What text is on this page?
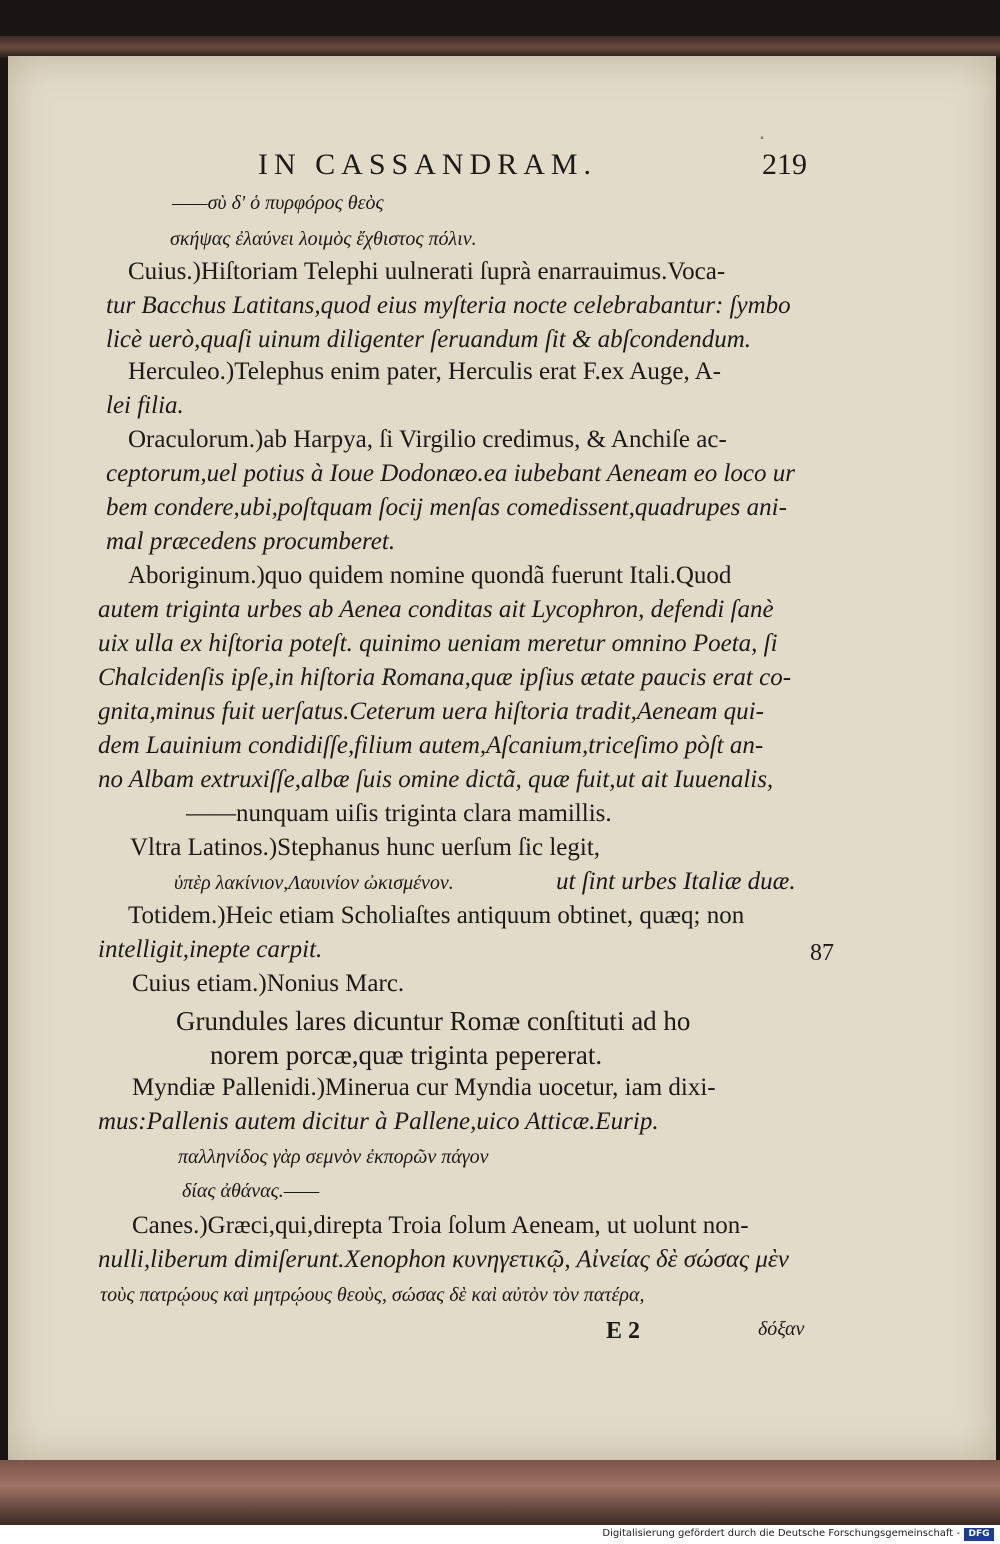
˚
IN CASSANDRAM.	219
——σὺ δ' ὁ πυρφόρος θεὸς
σκήψας ἐλαύνει λοιμὸς ἔχθιστος πόλιν.
Cuius.)Hiſtoriam Telephi uulnerati ſuprà enarrauimus.Voca-
tur Bacchus Latitans,quod eius myſteria nocte celebrabantur: ſymbo
licè uerò,quaſi uinum diligenter ſeruandum ſit & abſcondendum.
Herculeo.)Telephus enim pater, Herculis erat F.ex Auge, A-
lei filia.
Oraculorum.)ab Harpyа, ſi Virgilio credimus, & Anchiſe ac-
ceptorum,uel potius à Ioue Dodonæo.ea iubebant Aeneam eo loco ur
bem condere,ubi,poſtquam ſocij menſas comedissent,quadrupes ani-
mal præcedens procumberet.
Aboriginum.)quo quidem nomine quondã fuerunt Itali.Quod
autem triginta urbes ab Aenea conditas ait Lycophron, defendi ſanè
uix ulla ex hiſtoria poteſt. quinimo ueniam meretur omnino Poeta, ſi
Chalcidenſis ipſe,in hiſtoria Romana,quæ ipſius ætate paucis erat co-
gnita,minus fuit uerſatus.Ceterum uera hiſtoria tradit,Aeneam qui-
dem Lauinium condidiſſe,filium autem,Aſcanium,triceſimo pòſt an-
no Albam extruxiſſe,albæ ſuis omine dictã, quæ fuit,ut ait Iuuenalis,
——nunquam uiſis triginta clara mamillis.
Vltra Latinos.)Stephanus hunc uerſum ſic legit,
ὑπὲρ λακίνιον,Λαυινίον ὠκισμένον.	ut ſint urbes Italiæ duæ.
Totidem.)Heic etiam Scholiaſtes antiquum obtinet, quæq; non
intelligit,inepte carpit.
Cuius etiam.)Nonius Marc.
Grundules lares dicuntur Romæ conſtituti ad ho
norem porcæ,quæ triginta pepererat.
Myndiæ Pallenidi.)Minerua cur Myndia uocetur, iam dixi-
mus:Pallenis autem dicitur à Pallene,uico Atticæ.Eurip.
παλληνίδος γὰρ σεμνὸν ἐκπορῶν πάγον
δίας ἀθάνας.——
Canes.)Græci,qui,direpta Troia ſolum Aeneam, ut uolunt non-
nulli,liberum dimiſerunt.Xenophon κυνηγετικῷ, Αἰνείας δὲ σώσας μὲν
τοὺς πατρῴους καὶ μητρῴους θεοὺς, σώσας δὲ καὶ αὐτὸν τὸν πατέρα,
87
E 2	δόξαν
Digitalisierung gefördert durch die Deutsche Forschungsgemeinschaft - DFG
